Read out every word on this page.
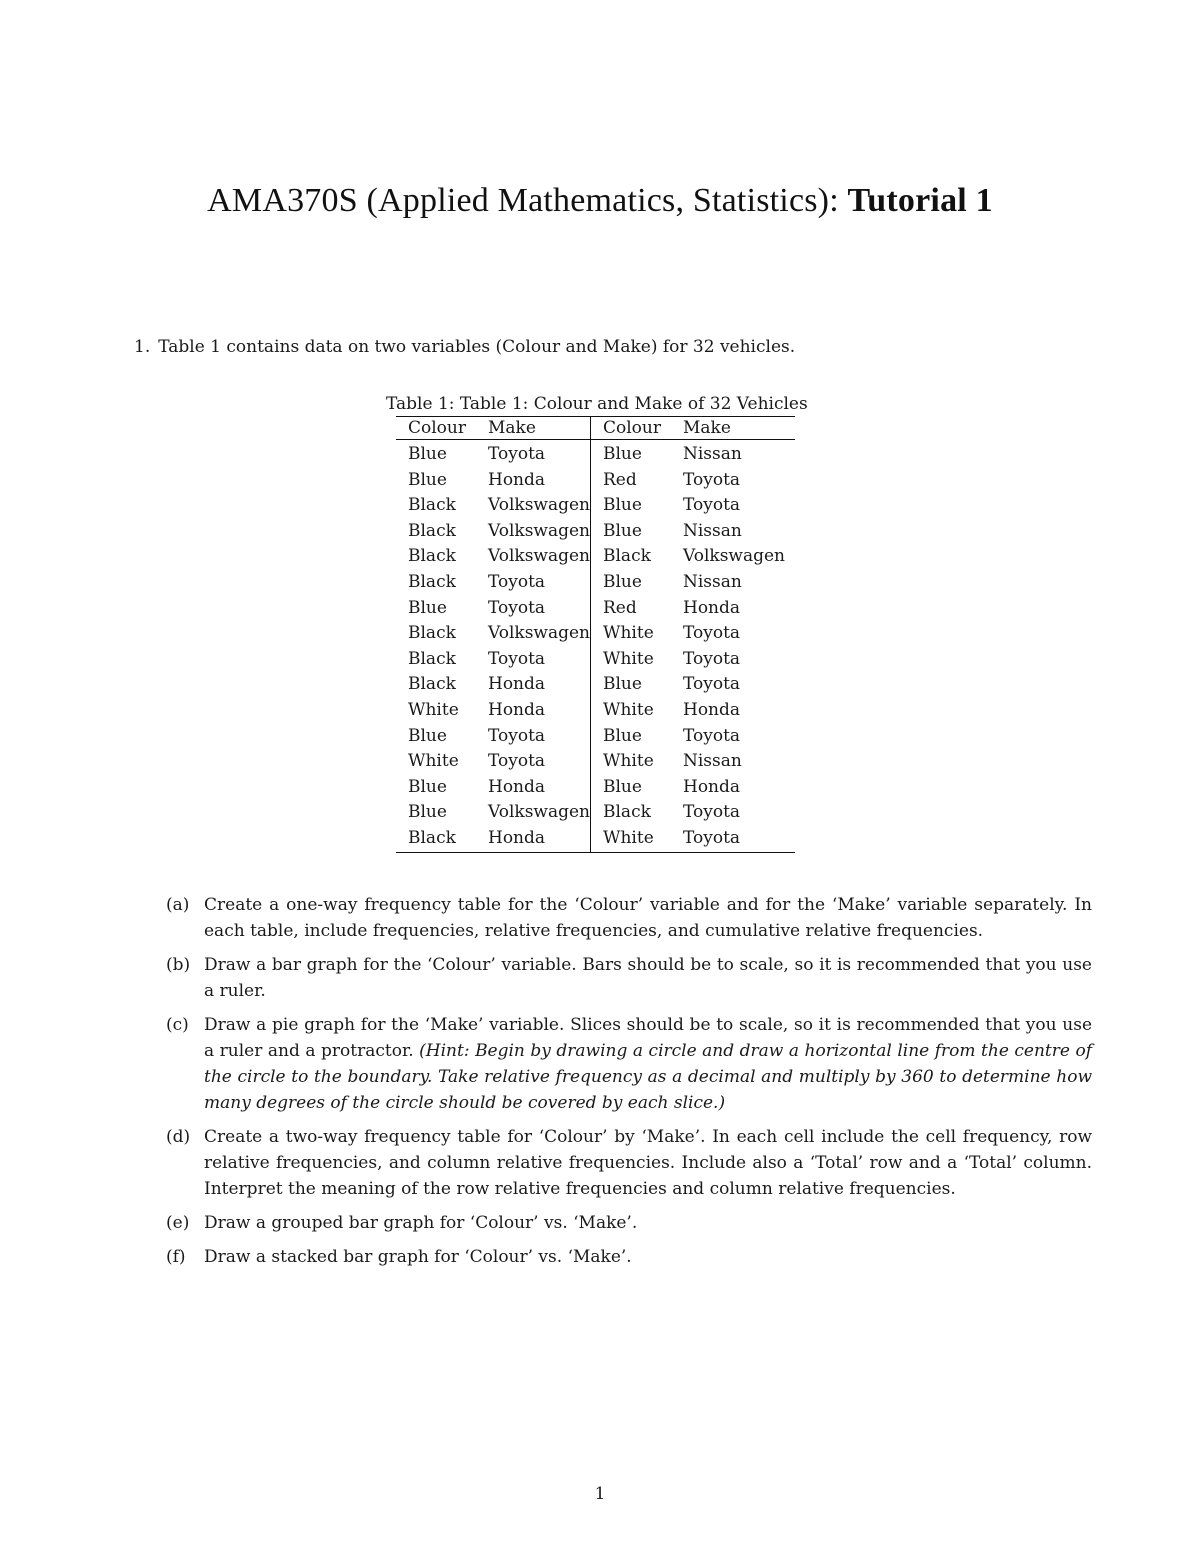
AMA370S (Applied Mathematics, Statistics): Tutorial 1
1. Table 1 contains data on two variables (Colour and Make) for 32 vehicles.
Table 1: Table 1: Colour and Make of 32 Vehicles
Colour	Make	Colour	Make
Blue	Toyota	Blue	Nissan
Blue	Honda	Red	Toyota
Black	Volkswagen	Blue	Toyota
Black	Volkswagen	Blue	Nissan
Black	Volkswagen	Black	Volkswagen
Black	Toyota	Blue	Nissan
Blue	Toyota	Red	Honda
Black	Volkswagen	White	Toyota
Black	Toyota	White	Toyota
Black	Honda	Blue	Toyota
White	Honda	White	Honda
Blue	Toyota	Blue	Toyota
White	Toyota	White	Nissan
Blue	Honda	Blue	Honda
Blue	Volkswagen	Black	Toyota
Black	Honda	White	Toyota
(a) Create a one-way frequency table for the ‘Colour’ variable and for the ‘Make’ variable separately. In each table, include frequencies, relative frequencies, and cumulative relative frequencies.
(b) Draw a bar graph for the ‘Colour’ variable. Bars should be to scale, so it is recommended that you use a ruler.
(c) Draw a pie graph for the ‘Make’ variable. Slices should be to scale, so it is recommended that you use a ruler and a protractor. (Hint: Begin by drawing a circle and draw a horizontal line from the centre of the circle to the boundary. Take relative frequency as a decimal and multiply by 360 to determine how many degrees of the circle should be covered by each slice.)
(d) Create a two-way frequency table for ‘Colour’ by ‘Make’. In each cell include the cell frequency, row relative frequencies, and column relative frequencies. Include also a ‘Total’ row and a ‘Total’ column. Interpret the meaning of the row relative frequencies and column relative frequencies.
(e) Draw a grouped bar graph for ‘Colour’ vs. ‘Make’.
(f) Draw a stacked bar graph for ‘Colour’ vs. ‘Make’.
1
